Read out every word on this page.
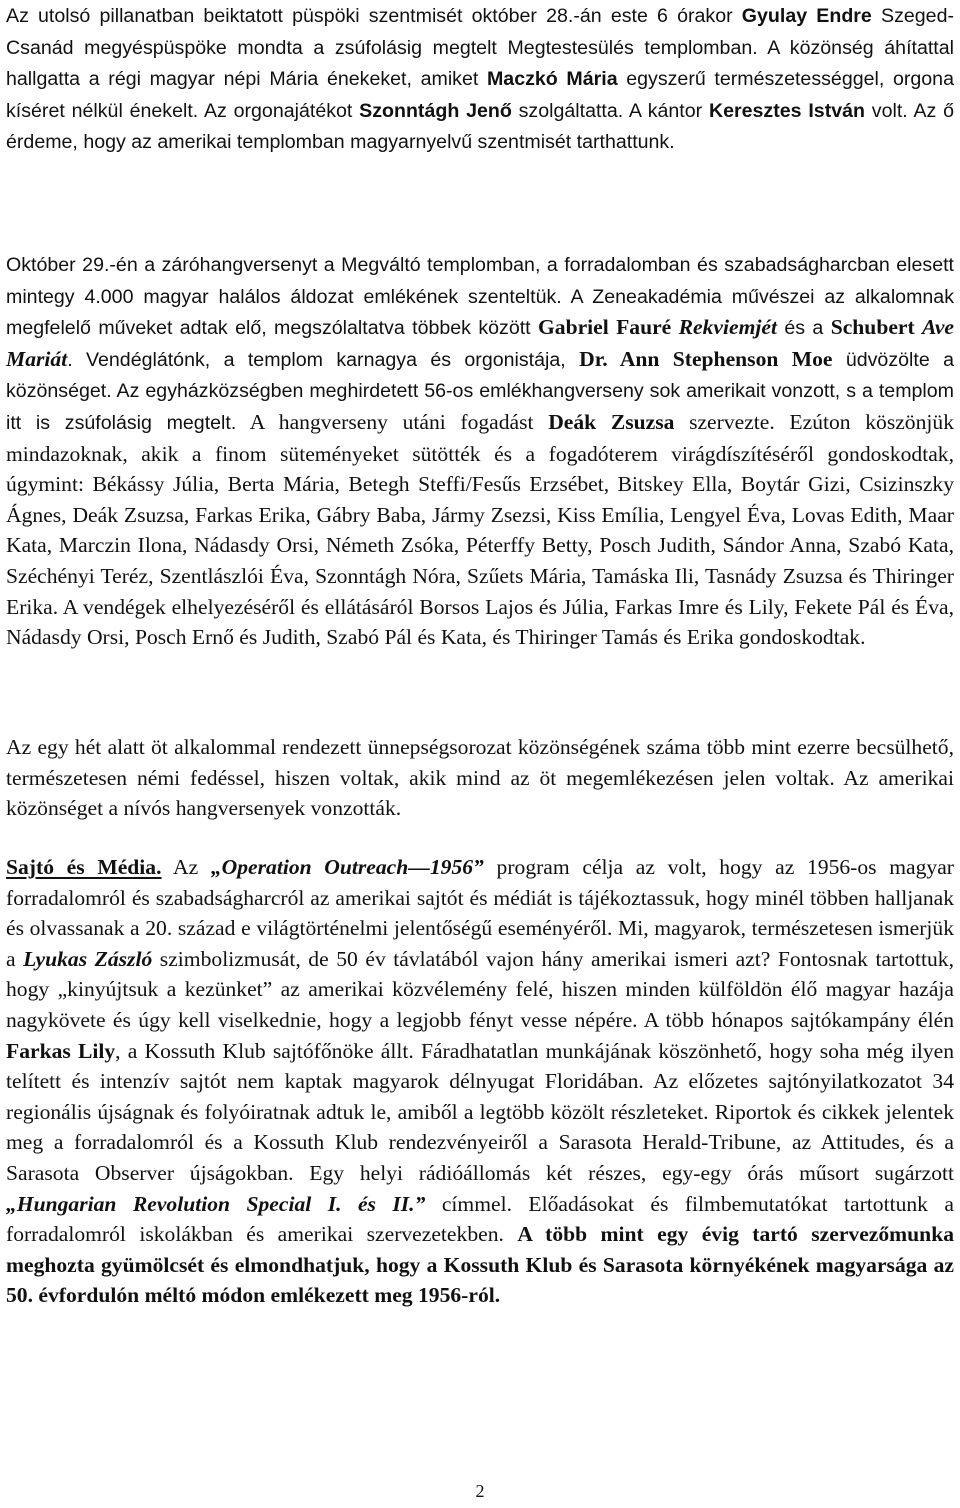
Az utolsó pillanatban beiktatott püspöki szentmisét október 28.-án este 6 órakor Gyulay Endre Szeged-Csanád megyéspüspöke mondta a zsúfolásig megtelt Megtestesülés templomban. A közönség áhítattal hallgatta a régi magyar népi Mária énekeket, amiket Maczkó Mária egyszerű természetességgel, orgona kíséret nélkül énekelt. Az orgonajátékot Szonntágh Jenő szolgáltatta. A kántor Keresztes István volt. Az ő érdeme, hogy az amerikai templomban magyarnyelvű szentmisét tarthattunk.

Október 29.-én a záróhangversenyt a Megváltó templomban, a forradalomban és szabadságharcban elesett mintegy 4.000 magyar halálos áldozat emlékének szenteltük. A Zeneakadémia művészei az alkalomnak megfelelő műveket adtak elő, megszólaltatva többek között Gabriel Fauré Rekviemjét és a Schubert Ave Mariát. Vendéglátónk, a templom karnagya és orgonistája, Dr. Ann Stephenson Moe üdvözölte a közönséget. Az egyházközségben meghirdetett 56-os emlékhangverseny sok amerikait vonzott, s a templom itt is zsúfolásig megtelt. A hangverseny utáni fogadást Deák Zsuzsa szervezte. Ezúton köszönjük mindazoknak, akik a finom süteményeket sütötték és a fogadóterem virágdíszítéséről gondoskodtak, úgymint: Békássy Júlia, Berta Mária, Betegh Steffi/Fesűs Erzsébet, Bitskey Ella, Boytár Gizi, Csizinszky Ágnes, Deák Zsuzsa, Farkas Erika, Gábry Baba, Jármy Zsezsi, Kiss Emília, Lengyel Éva, Lovas Edith, Maar Kata, Marczin Ilona, Nádasdy Orsi, Németh Zsóka, Péterffy Betty, Posch Judith, Sándor Anna, Szabó Kata, Széchényi Teréz, Szentlászlói Éva, Szonntágh Nóra, Szűets Mária, Tamáska Ili, Tasnády Zsuzsa és Thiringer Erika. A vendégek elhelyezéséről és ellátásáról Borsos Lajos és Júlia, Farkas Imre és Lily, Fekete Pál és Éva, Nádasdy Orsi, Posch Ernő és Judith, Szabó Pál és Kata, és Thiringer Tamás és Erika gondoskodtak.

Az egy hét alatt öt alkalommal rendezett ünnepségsorozat közönségének száma több mint ezerre becsülhető, természetesen némi fedéssel, hiszen voltak, akik mind az öt megemlékezésen jelen voltak. Az amerikai közönséget a nívós hangversenyek vonzották.

Sajtó és Média. Az „Operation Outreach—1956” program célja az volt, hogy az 1956-os magyar forradalomról és szabadságharcról az amerikai sajtót és médiát is tájékoztassuk, hogy minél többen halljanak és olvassanak a 20. század e világtörténelmi jelentőségű eseményéről. Mi, magyarok, természetesen ismerjük a Lyukas Zászló szimbolizmusát, de 50 év távlatából vajon hány amerikai ismeri azt? Fontosnak tartottuk, hogy „kinyújtsuk a kezünket” az amerikai közvélemény felé, hiszen minden külföldön élő magyar hazája nagykövete és úgy kell viselkednie, hogy a legjobb fényt vesse népére. A több hónapos sajtókampány élén Farkas Lily, a Kossuth Klub sajtófőnöke állt. Fáradhatatlan munkájának köszönhető, hogy soha még ilyen telített és intenzív sajtót nem kaptak magyarok délnyugat Floridában. Az előzetes sajtónyilatkozatot 34 regionális újságnak és folyóiratnak adtuk le, amiből a legtöbb közölt részleteket. Riportok és cikkek jelentek meg a forradalomról és a Kossuth Klub rendezvényeiről a Sarasota Herald-Tribune, az Attitudes, és a Sarasota Observer újságokban. Egy helyi rádióállomás két részes, egy-egy órás műsort sugárzott „Hungarian Revolution Special I. és II.” címmel. Előadásokat és filmbemutatókat tartottunk a forradalomról iskolákban és amerikai szervezetekben. A több mint egy évig tartó szervezőmunka meghozta gyümölcsét és elmondhatjuk, hogy a Kossuth Klub és Sarasota környékének magyarsága az 50. évfordulón méltó módon emlékezett meg 1956-ról.

2
